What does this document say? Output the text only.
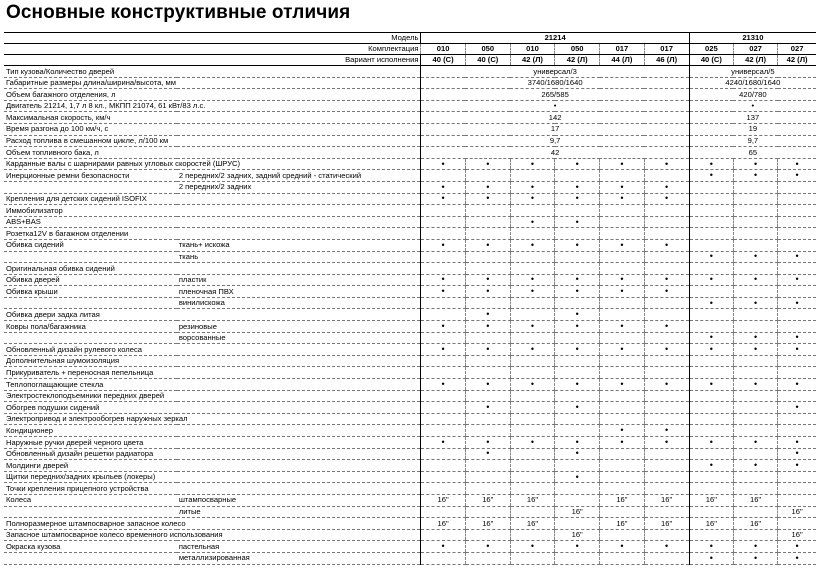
Основные конструктивные отличия
Модель		21214						21310		
Комплектация		010	050	010	050	017	017	025	027	027
Вариант исполнения		40 (С)	40 (С)	42 (Л)	42 (Л)	44 (Л)	46 (Л)	40 (С)	42 (Л)	42 (Л)
Тип кузова/Количество дверей		универсал/3						универсал/5		
Габаритные размеры длина/ширина/высота, мм		3740/1680/1640						4240/1680/1640		
Объем багажного отделения, л		265/585						420/780		
Двигатель 21214, 1,7 л 8 кл., МКПП 21074, 61 кВт/83 л.с.		•						•		
Максимальная скорость, км/ч		142						137		
Время разгона до 100 км/ч, с		17						19		
Расход топлива в смешанном цикле, л/100 км		9,7						9,7		
Объем топливного бака, л		42						65		
Карданные валы с шарнирами равных угловых скоростей (ШРУС)		•	•	•	•	•	•	•	•	•
Инерционные ремни безопасности	2 передних/2 задних, задний средний - статический							•	•	•
	2 передних/2 задних	•	•	•	•	•	•			
Крепления для детских сидений ISOFIX		•	•	•	•	•	•			
Иммобилизатор										
ABS+BAS				•	•					
Розетка12V в багажном отделении										
Обивка сидений	ткань+ искожа	•	•	•	•	•	•			
	ткань							•	•	•
Оригинальная обивка сидений										
Обивка дверей	пластик	•	•	•	•	•	•	•	•	•
Обивка крыши	пленочная ПВХ	•	•	•	•	•	•			
	винилискожа							•	•	•
Обивка двери задка литая			•		•					
Ковры пола/багажника	резиновые	•	•	•	•	•	•			
	ворсованные							•	•	•
Обновленный дизайн рулевого колеса		•	•	•	•	•	•	•	•	•
Дополнительная шумоизоляция										
Прикуриватель + переносная пепельница										
Теплопоглащающие стекла		•	•	•	•	•	•	•	•	•
Электростеклоподъемники передних дверей										
Обогрев подушки сидений			•		•					•
Электропривод и электрообогрев наружных зеркал										
Кондиционер						•	•			
Наружные ручки дверей черного цвета		•	•	•	•	•	•	•	•	•
Обновленный дизайн решетки радиатора			•		•					•
Молдинги дверей								•	•	•
Щитки передних/задних крыльев (локеры)					•					
Точки крепления прицепного устройства										
Колеса	штампосварные	16"	16"	16"		16"	16"	16"	16"	
	литые				16"					16"
Полноразмерное штампосварное запасное колесо		16"	16"	16"		16"	16"	16"	16"	
Запасное штампосварное колесо временного использования					16"					16"
Окраска кузова	пастельная	•	•	•	•	•	•	•	•	•
	металлизированная							•	•	•
